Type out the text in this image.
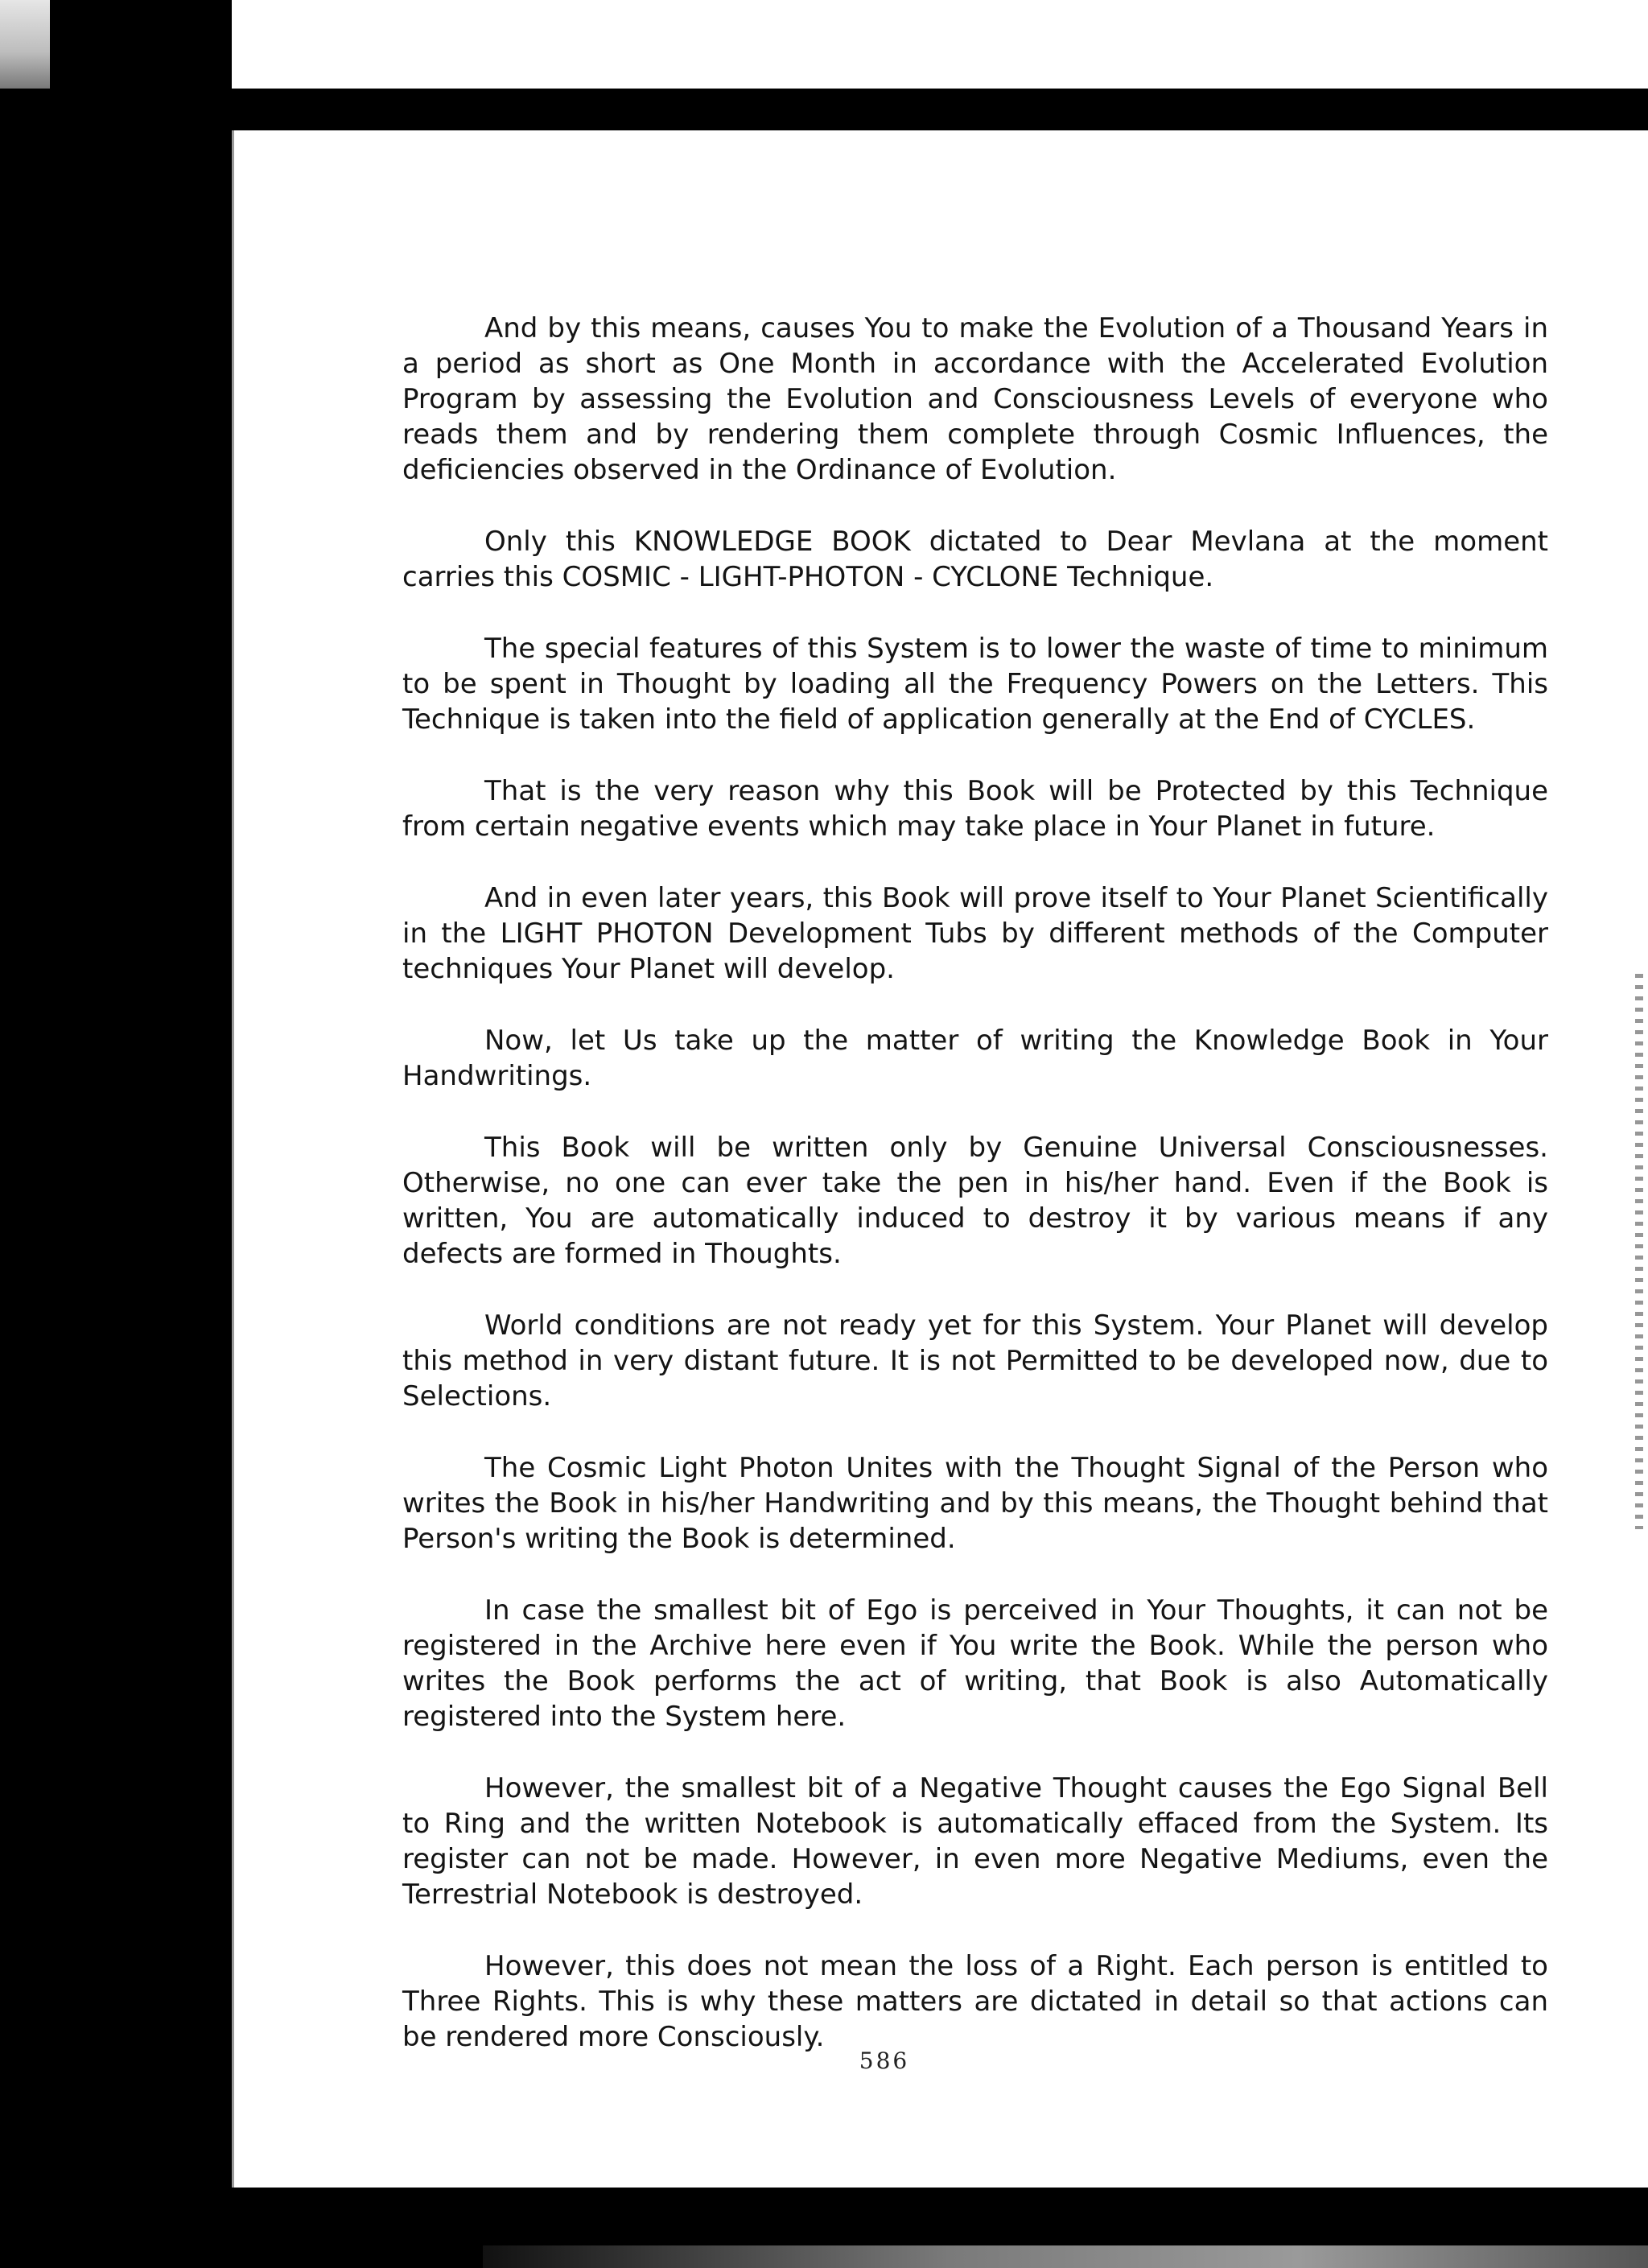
And by this means, causes You to make the Evolution of a Thousand Years in a period as short as One Month in accordance with the Accelerated Evolution Program by assessing the Evolution and Consciousness Levels of everyone who reads them and by rendering them complete through Cosmic Influences, the deficiencies observed in the Ordinance of Evolution.

Only this KNOWLEDGE BOOK dictated to Dear Mevlana at the moment carries this COSMIC - LIGHT-PHOTON - CYCLONE Technique.

The special features of this System is to lower the waste of time to minimum to be spent in Thought by loading all the Frequency Powers on the Letters. This Technique is taken into the field of application generally at the End of CYCLES.

That is the very reason why this Book will be Protected by this Technique from certain negative events which may take place in Your Planet in future.

And in even later years, this Book will prove itself to Your Planet Scientifically in the LIGHT PHOTON Development Tubs by different methods of the Computer techniques Your Planet will develop.

Now, let Us take up the matter of writing the Knowledge Book in Your Handwritings.

This Book will be written only by Genuine Universal Consciousnesses. Otherwise, no one can ever take the pen in his/her hand. Even if the Book is written, You are automatically induced to destroy it by various means if any defects are formed in Thoughts.

World conditions are not ready yet for this System. Your Planet will develop this method in very distant future. It is not Permitted to be developed now, due to Selections.

The Cosmic Light Photon Unites with the Thought Signal of the Person who writes the Book in his/her Handwriting and by this means, the Thought behind that Person's writing the Book is determined.

In case the smallest bit of Ego is perceived in Your Thoughts, it can not be registered in the Archive here even if You write the Book. While the person who writes the Book performs the act of writing, that Book is also Automatically registered into the System here.

However, the smallest bit of a Negative Thought causes the Ego Signal Bell to Ring and the written Notebook is automatically effaced from the System. Its register can not be made. However, in even more Negative Mediums, even the Terrestrial Notebook is destroyed.

However, this does not mean the loss of a Right. Each person is entitled to Three Rights. This is why these matters are dictated in detail so that actions can be rendered more Consciously.

586
